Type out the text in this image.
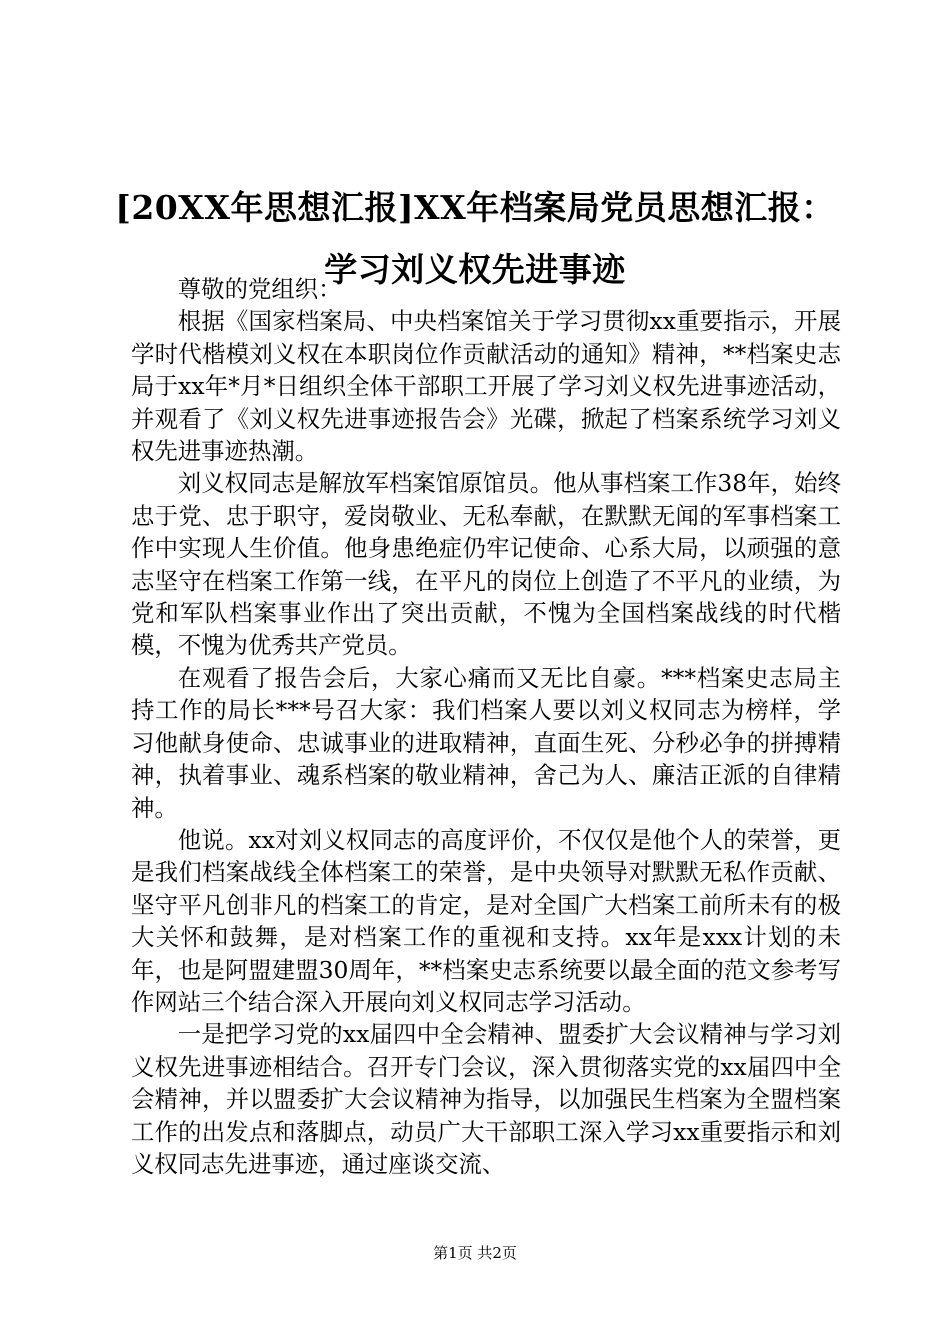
[20XX年思想汇报]XX年档案局党员思想汇报：
学习刘义权先进事迹

尊敬的党组织：

根据《国家档案局、中央档案馆关于学习贯彻xx重要指示，开展学时代楷模刘义权在本职岗位作贡献活动的通知》精神，**档案史志局于xx年*月*日组织全体干部职工开展了学习刘义权先进事迹活动，并观看了《刘义权先进事迹报告会》光碟，掀起了档案系统学习刘义权先进事迹热潮。

刘义权同志是解放军档案馆原馆员。他从事档案工作38年，始终忠于党、忠于职守，爱岗敬业、无私奉献，在默默无闻的军事档案工作中实现人生价值。他身患绝症仍牢记使命、心系大局，以顽强的意志坚守在档案工作第一线，在平凡的岗位上创造了不平凡的业绩，为党和军队档案事业作出了突出贡献，不愧为全国档案战线的时代楷模，不愧为优秀共产党员。

在观看了报告会后，大家心痛而又无比自豪。***档案史志局主持工作的局长***号召大家：我们档案人要以刘义权同志为榜样，学习他献身使命、忠诚事业的进取精神，直面生死、分秒必争的拼搏精神，执着事业、魂系档案的敬业精神，舍己为人、廉洁正派的自律精神。

他说。xx对刘义权同志的高度评价，不仅仅是他个人的荣誉，更是我们档案战线全体档案工的荣誉，是中央领导对默默无私作贡献、坚守平凡创非凡的档案工的肯定，是对全国广大档案工前所未有的极大关怀和鼓舞，是对档案工作的重视和支持。xx年是xxx计划的未年，也是阿盟建盟30周年，**档案史志系统要以最全面的范文参考写作网站三个结合深入开展向刘义权同志学习活动。

一是把学习党的xx届四中全会精神、盟委扩大会议精神与学习刘义权先进事迹相结合。召开专门会议，深入贯彻落实党的xx届四中全会精神，并以盟委扩大会议精神为指导，以加强民生档案为全盟档案工作的出发点和落脚点，动员广大干部职工深入学习xx重要指示和刘义权同志先进事迹，通过座谈交流、

第1页 共2页
